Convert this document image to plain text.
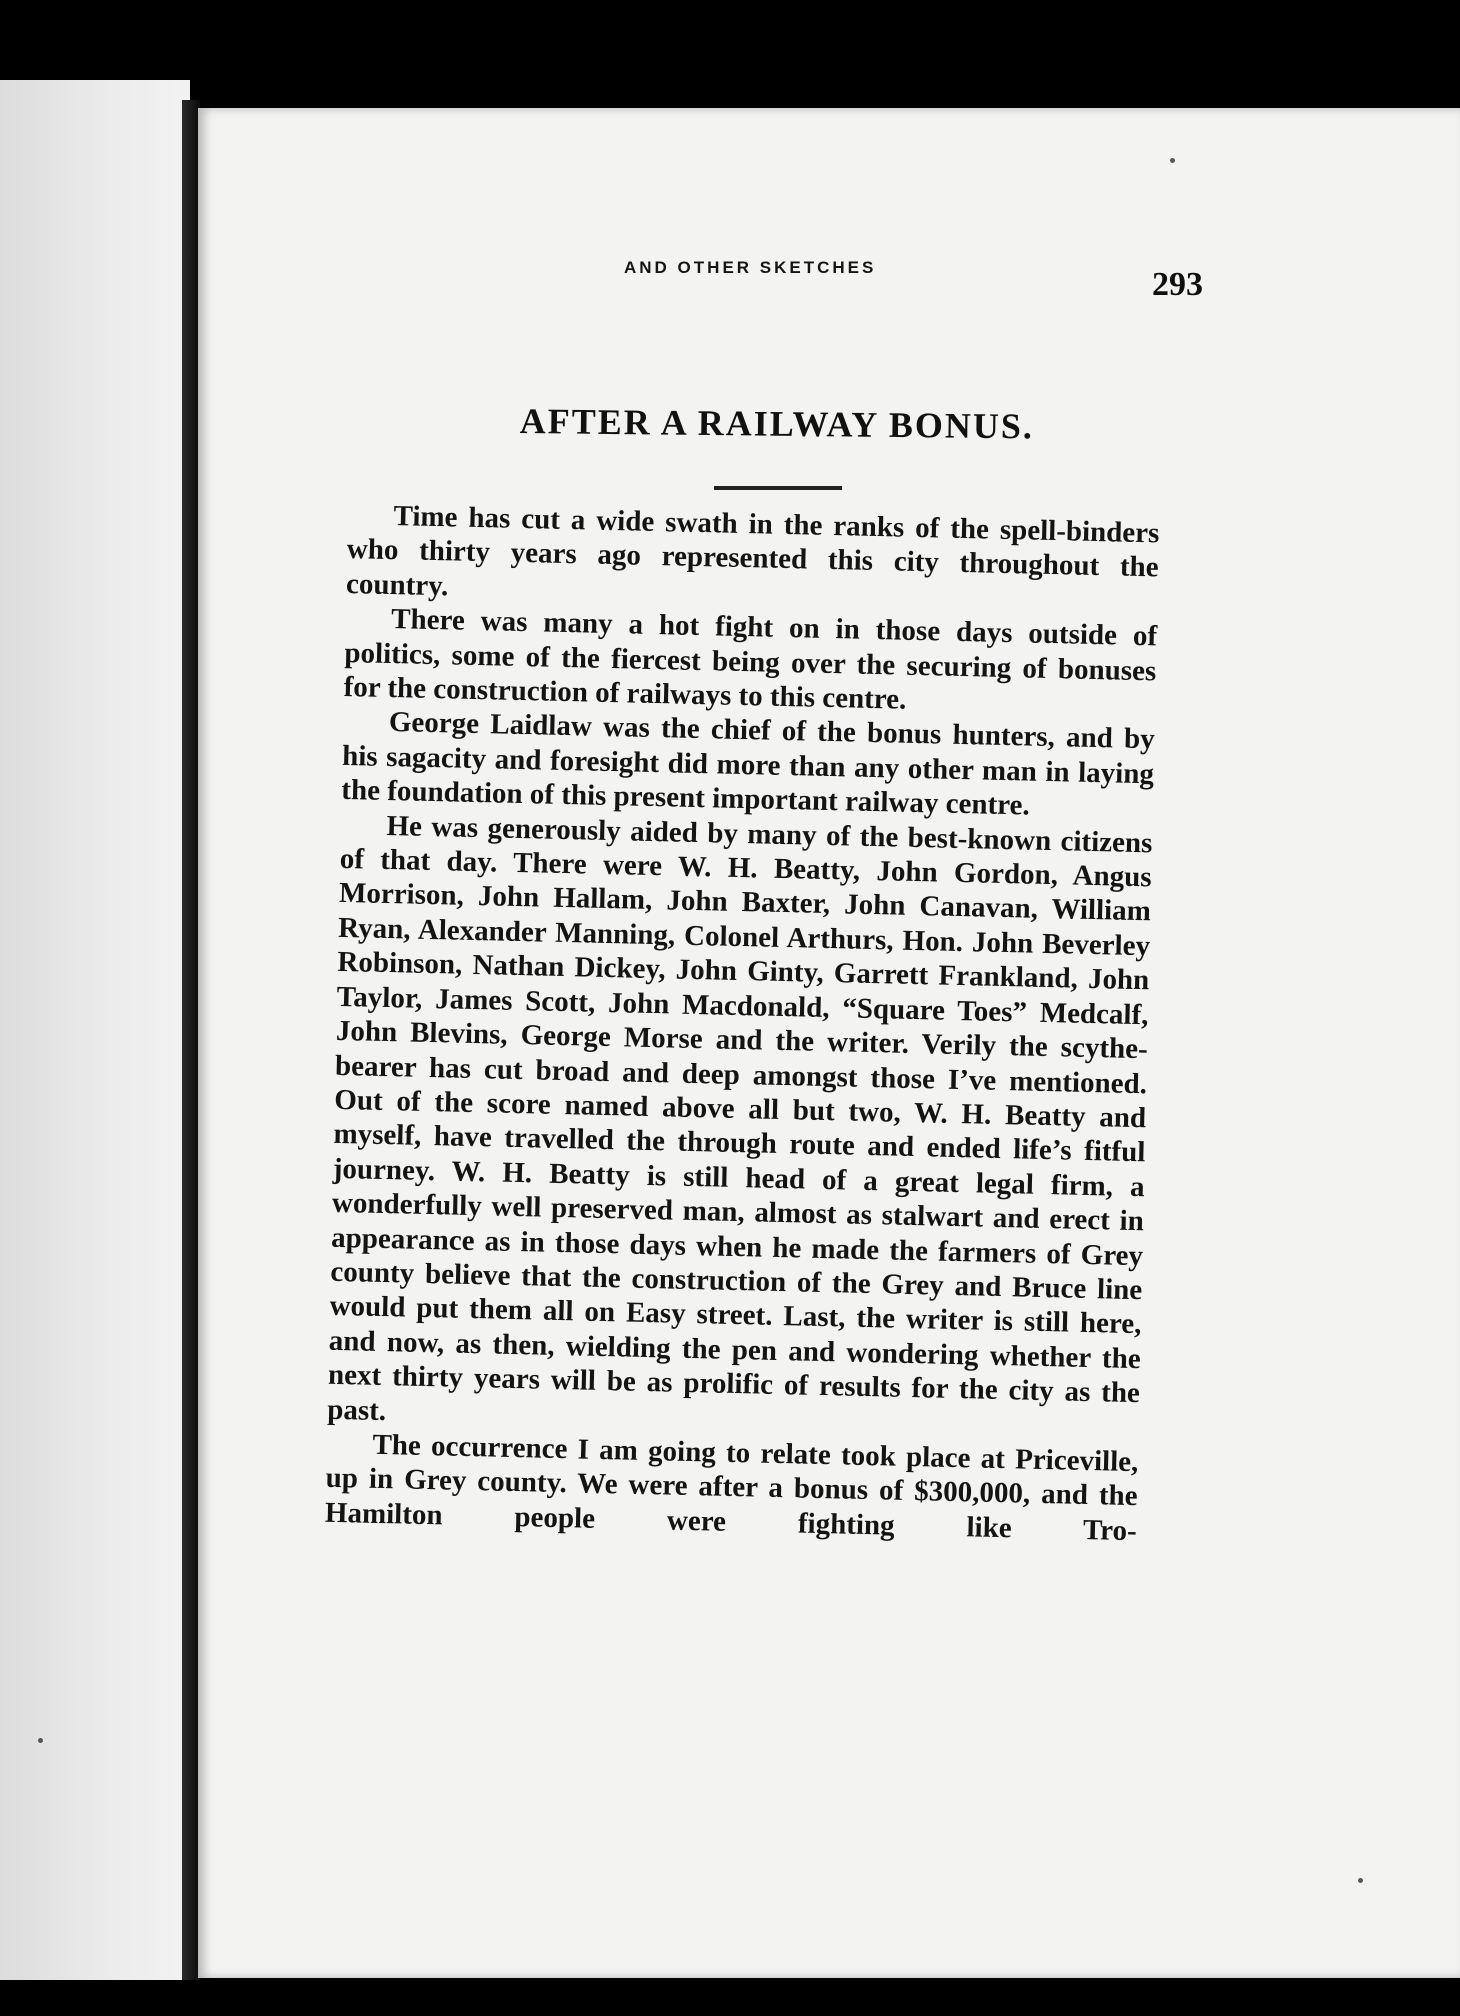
AND OTHER SKETCHES	293
AFTER A RAILWAY BONUS.

Time has cut a wide swath in the ranks of the spell-binders who thirty years ago represented this city throughout the country.

There was many a hot fight on in those days outside of politics, some of the fiercest being over the securing of bonuses for the construction of railways to this centre.

George Laidlaw was the chief of the bonus hunters, and by his sagacity and foresight did more than any other man in laying the foundation of this present important railway centre.

He was generously aided by many of the best-known citizens of that day. There were W. H. Beatty, John Gordon, Angus Morrison, John Hallam, John Baxter, John Canavan, William Ryan, Alexander Manning, Colonel Arthurs, Hon. John Beverley Robinson, Nathan Dickey, John Ginty, Garrett Frankland, John Taylor, James Scott, John Macdonald, “Square Toes” Medcalf, John Blevins, George Morse and the writer. Verily the scythe-bearer has cut broad and deep amongst those I’ve mentioned. Out of the score named above all but two, W. H. Beatty and myself, have travelled the through route and ended life’s fitful journey. W. H. Beatty is still head of a great legal firm, a wonderfully well preserved man, almost as stalwart and erect in appearance as in those days when he made the farmers of Grey county believe that the construction of the Grey and Bruce line would put them all on Easy street. Last, the writer is still here, and now, as then, wielding the pen and wondering whether the next thirty years will be as prolific of results for the city as the past.

The occurrence I am going to relate took place at Priceville, up in Grey county. We were after a bonus of $300,000, and the Hamilton people were fighting like Tro-
